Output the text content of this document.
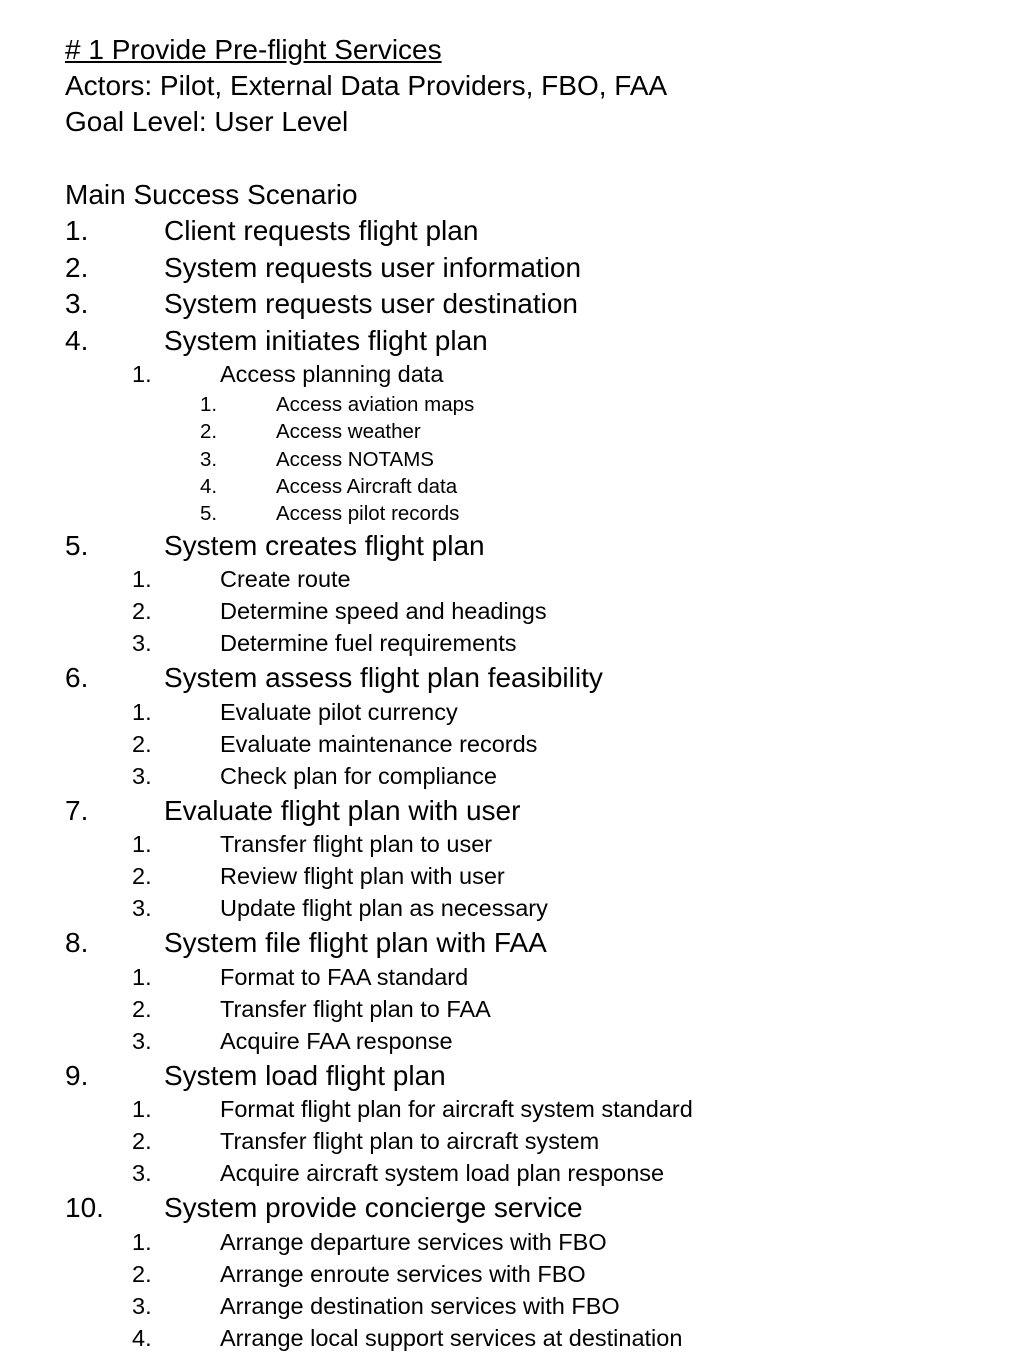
# 1 Provide Pre-flight Services
Actors: Pilot, External Data Providers, FBO, FAA
Goal Level: User Level
Main Success Scenario
1.	Client requests flight plan
2.	System requests user information
3.	System requests user destination
4.	System initiates flight plan
1.	Access planning data
1.	Access aviation maps
2.	Access weather
3.	Access NOTAMS
4.	Access Aircraft data
5.	Access pilot records
5.	System creates flight plan
1.	Create route
2.	Determine speed and headings
3.	Determine fuel requirements
6.	System assess flight plan feasibility
1.	Evaluate pilot currency
2.	Evaluate maintenance records
3.	Check plan for compliance
7.	Evaluate flight plan with user
1.	Transfer flight plan to user
2.	Review flight plan with user
3.	Update flight plan as necessary
8.	System file flight plan with FAA
1.	Format to FAA standard
2.	Transfer flight plan to FAA
3.	Acquire FAA response
9.	System load flight plan
1.	Format flight plan for aircraft system standard
2.	Transfer flight plan to aircraft system
3.	Acquire aircraft system load plan response
10. System provide concierge service
1.	Arrange departure services with FBO
2.	Arrange enroute services with FBO
3.	Arrange destination services with FBO
4.	Arrange local support services at destination
